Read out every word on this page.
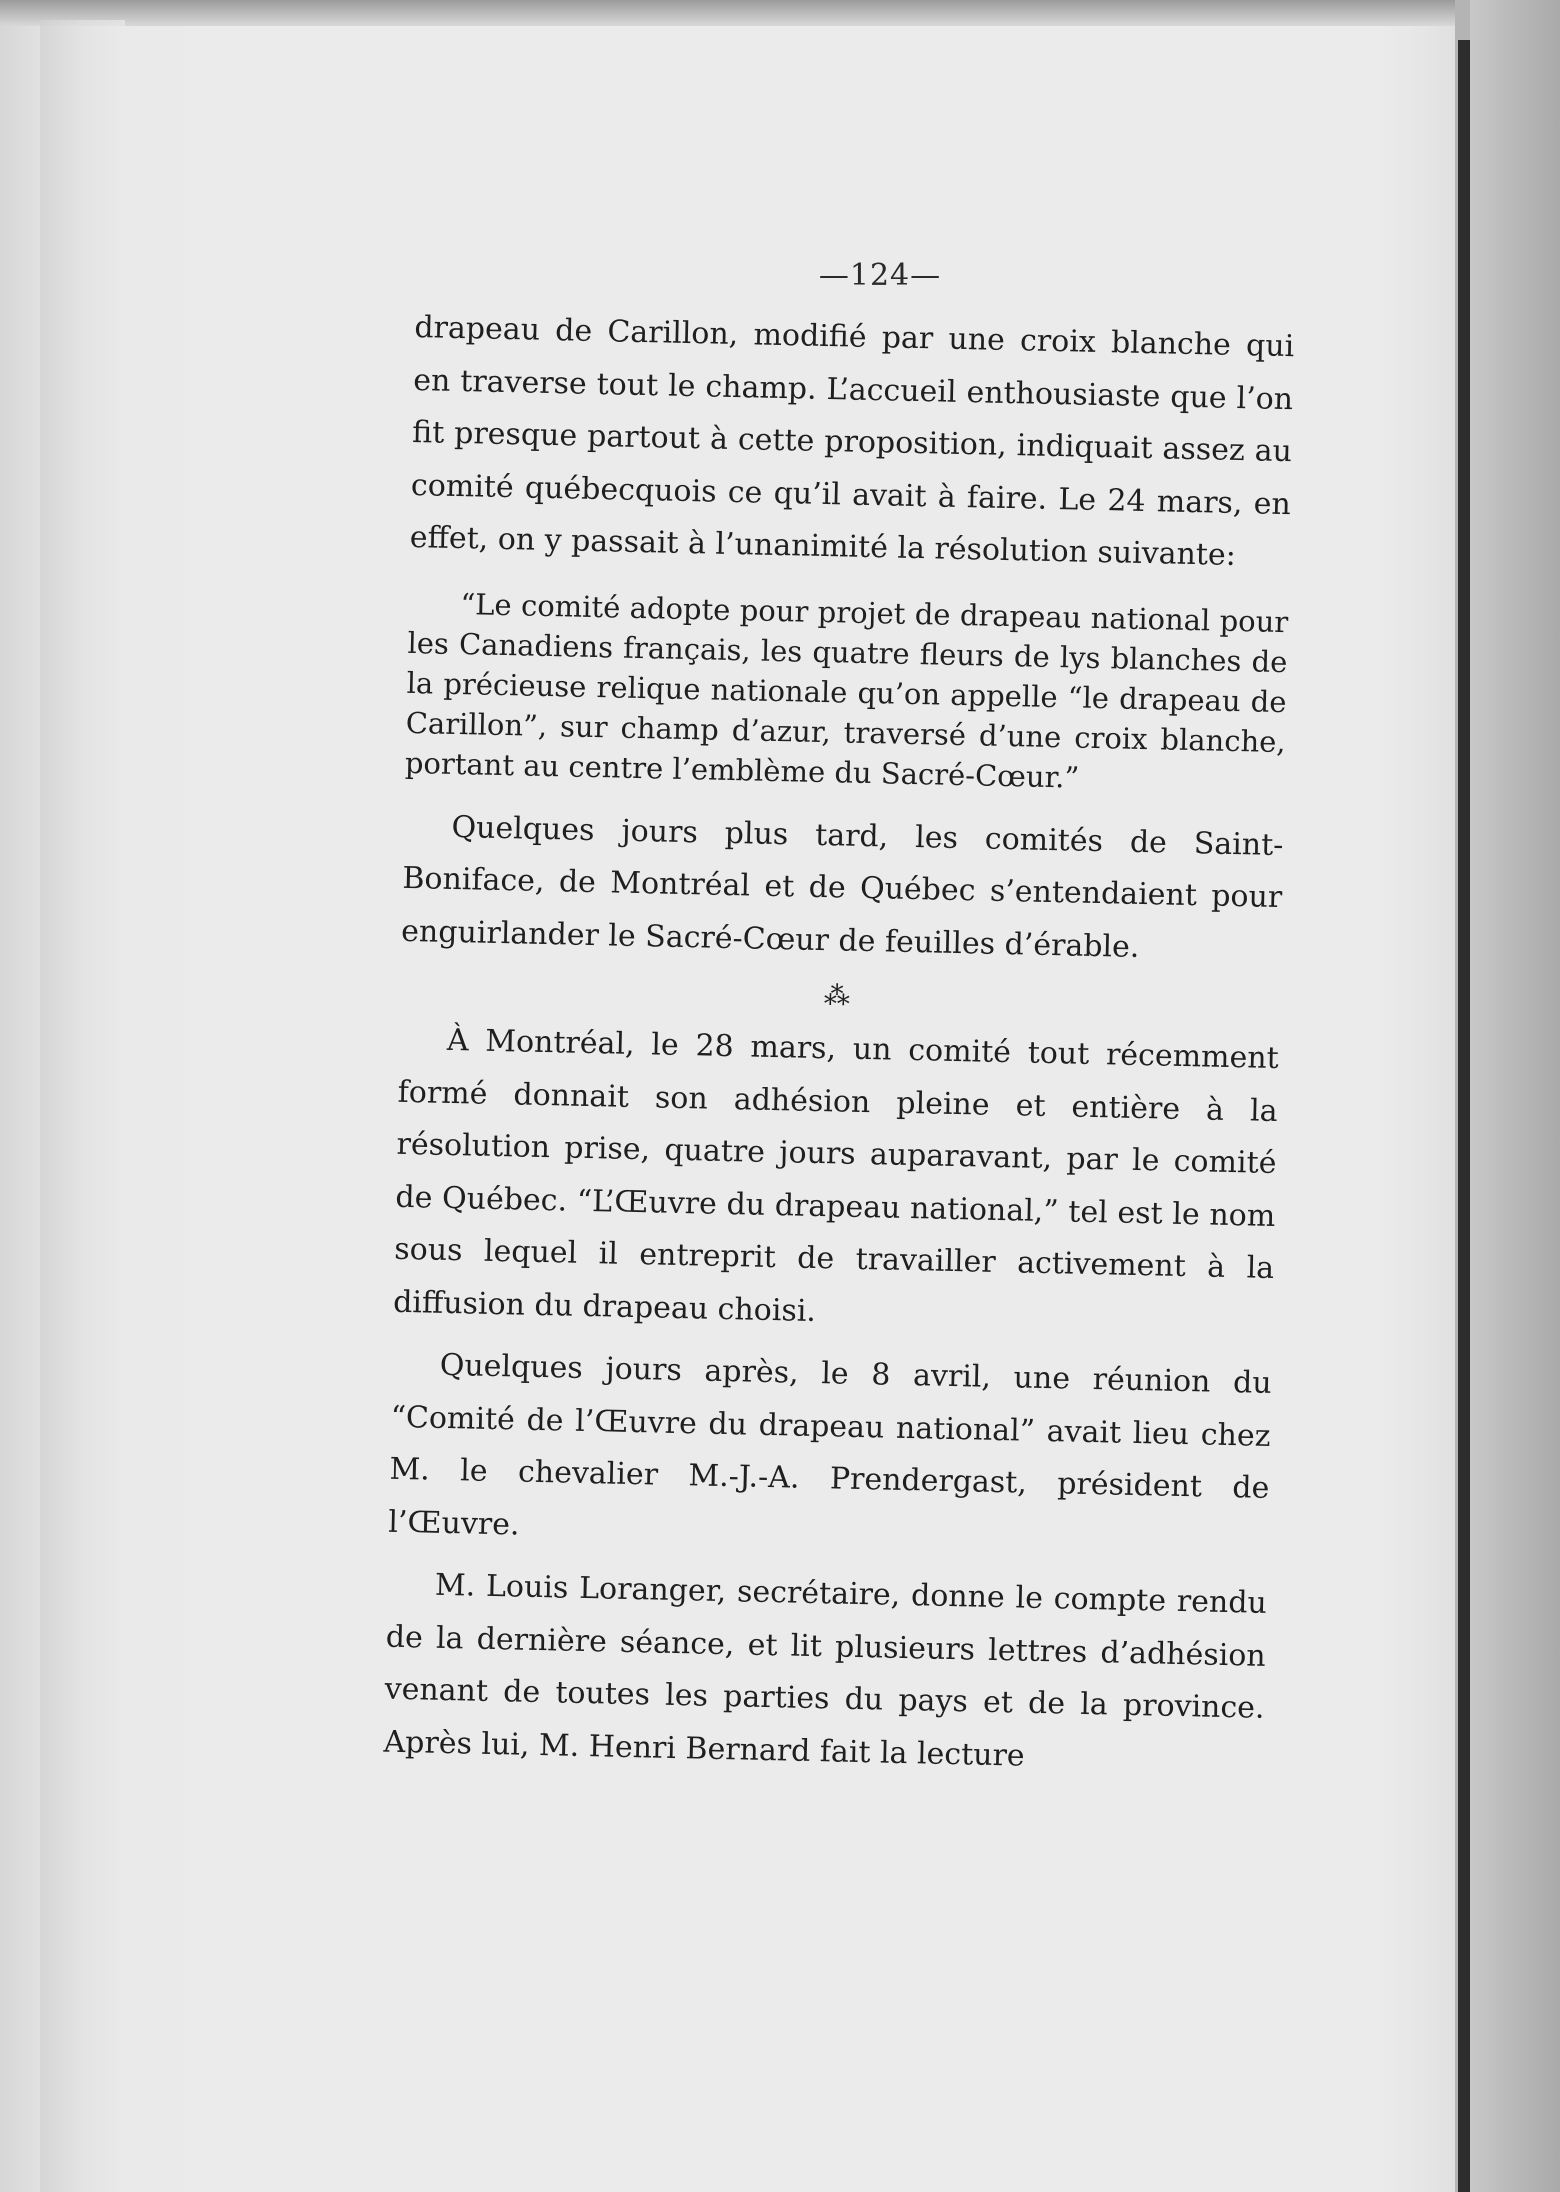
—124—

drapeau de Carillon, modifié par une croix blanche qui en traverse tout le champ. L’accueil enthousiaste que l’on fit presque partout à cette proposition, indiquait assez au comité québecquois ce qu’il avait à faire. Le 24 mars, en effet, on y passait à l’unanimité la résolution suivante:

“Le comité adopte pour projet de drapeau national pour les Canadiens français, les quatre fleurs de lys blanches de la précieuse relique nationale qu’on appelle “le drapeau de Carillon”, sur champ d’azur, traversé d’une croix blanche, portant au centre l’emblème du Sacré-Cœur.”

Quelques jours plus tard, les comités de Saint-Boniface, de Montréal et de Québec s’entendaient pour enguirlander le Sacré-Cœur de feuilles d’érable.

⁂

À Montréal, le 28 mars, un comité tout récemment formé donnait son adhésion pleine et entière à la résolution prise, quatre jours auparavant, par le comité de Québec. “L’Œuvre du drapeau national,” tel est le nom sous lequel il entreprit de travailler activement à la diffusion du drapeau choisi.

Quelques jours après, le 8 avril, une réunion du “Comité de l’Œuvre du drapeau national” avait lieu chez M. le chevalier M.-J.-A. Prendergast, président de l’Œuvre.

M. Louis Loranger, secrétaire, donne le compte rendu de la dernière séance, et lit plusieurs lettres d’adhésion venant de toutes les parties du pays et de la province. Après lui, M. Henri Bernard fait la lecture
